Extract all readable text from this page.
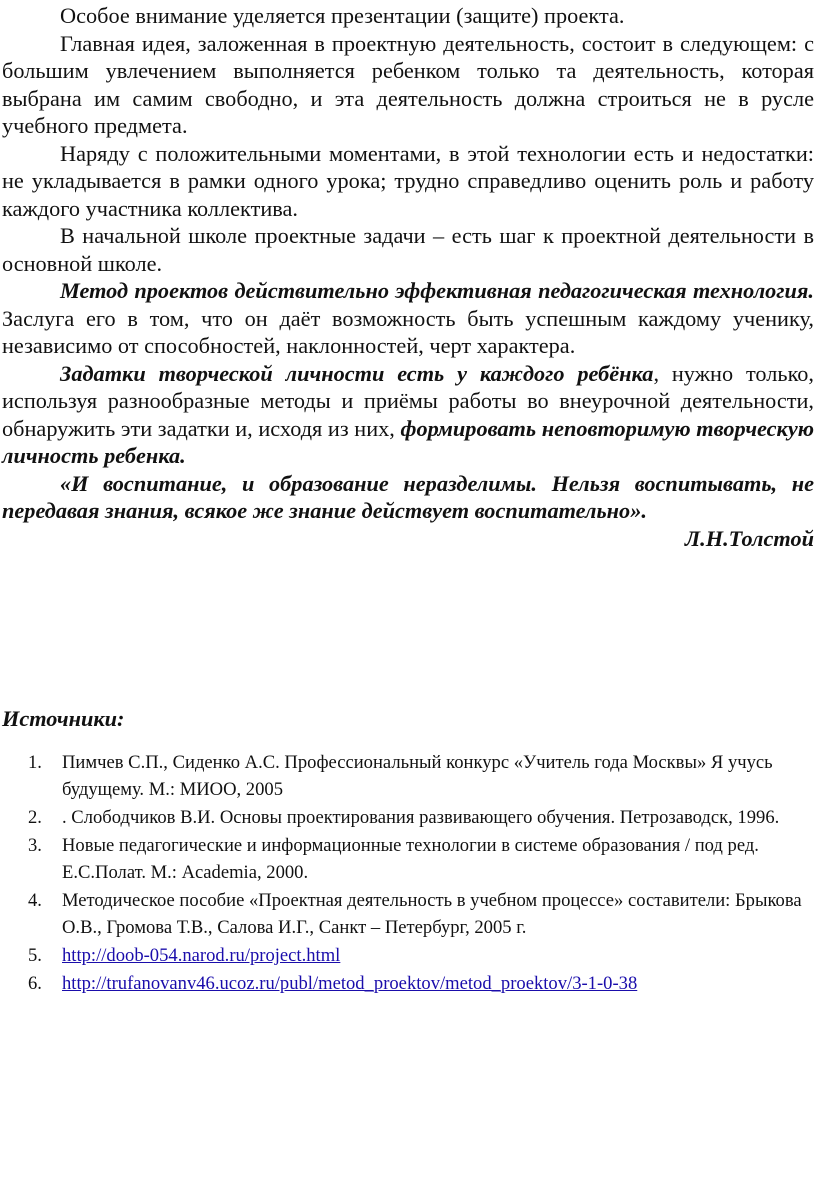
Особое внимание уделяется презентации (защите) проекта.

Главная идея, заложенная в проектную деятельность, состоит в следующем: с большим увлечением выполняется ребенком только та деятельность, которая выбрана им самим свободно, и эта деятельность должна строиться не в русле учебного предмета.

Наряду с положительными моментами, в этой технологии есть и недостатки: не укладывается в рамки одного урока; трудно справедливо оценить роль и работу каждого участника коллектива.

В начальной школе проектные задачи – есть шаг к проектной деятельности в основной школе.

Метод проектов действительно эффективная педагогическая технология. Заслуга его в том, что он даёт возможность быть успешным каждому ученику, независимо от способностей, наклонностей, черт характера.

Задатки творческой личности есть у каждого ребёнка, нужно только, используя разнообразные методы и приёмы работы во внеурочной деятельности, обнаружить эти задатки и, исходя из них, формировать неповторимую творческую личность ребенка.

«И воспитание, и образование неразделимы. Нельзя воспитывать, не передавая знания, всякое же знание действует воспитательно».

Л.Н.Толстой

Источники:

1. Пимчев С.П., Сиденко А.С. Профессиональный конкурс «Учитель года Москвы» Я учусь будущему. М.: МИОО, 2005
2. . Слободчиков В.И. Основы проектирования развивающего обучения. Петрозаводск, 1996.
3. Новые педагогические и информационные технологии в системе образования / под ред. Е.С.Полат. М.: Academia, 2000.
4. Методическое пособие «Проектная деятельность в учебном процессе» составители: Брыкова О.В., Громова Т.В., Салова И.Г., Санкт – Петербург, 2005 г.
5. http://doob-054.narod.ru/project.html
6. http://trufanovanv46.ucoz.ru/publ/metod_proektov/metod_proektov/3-1-0-38
